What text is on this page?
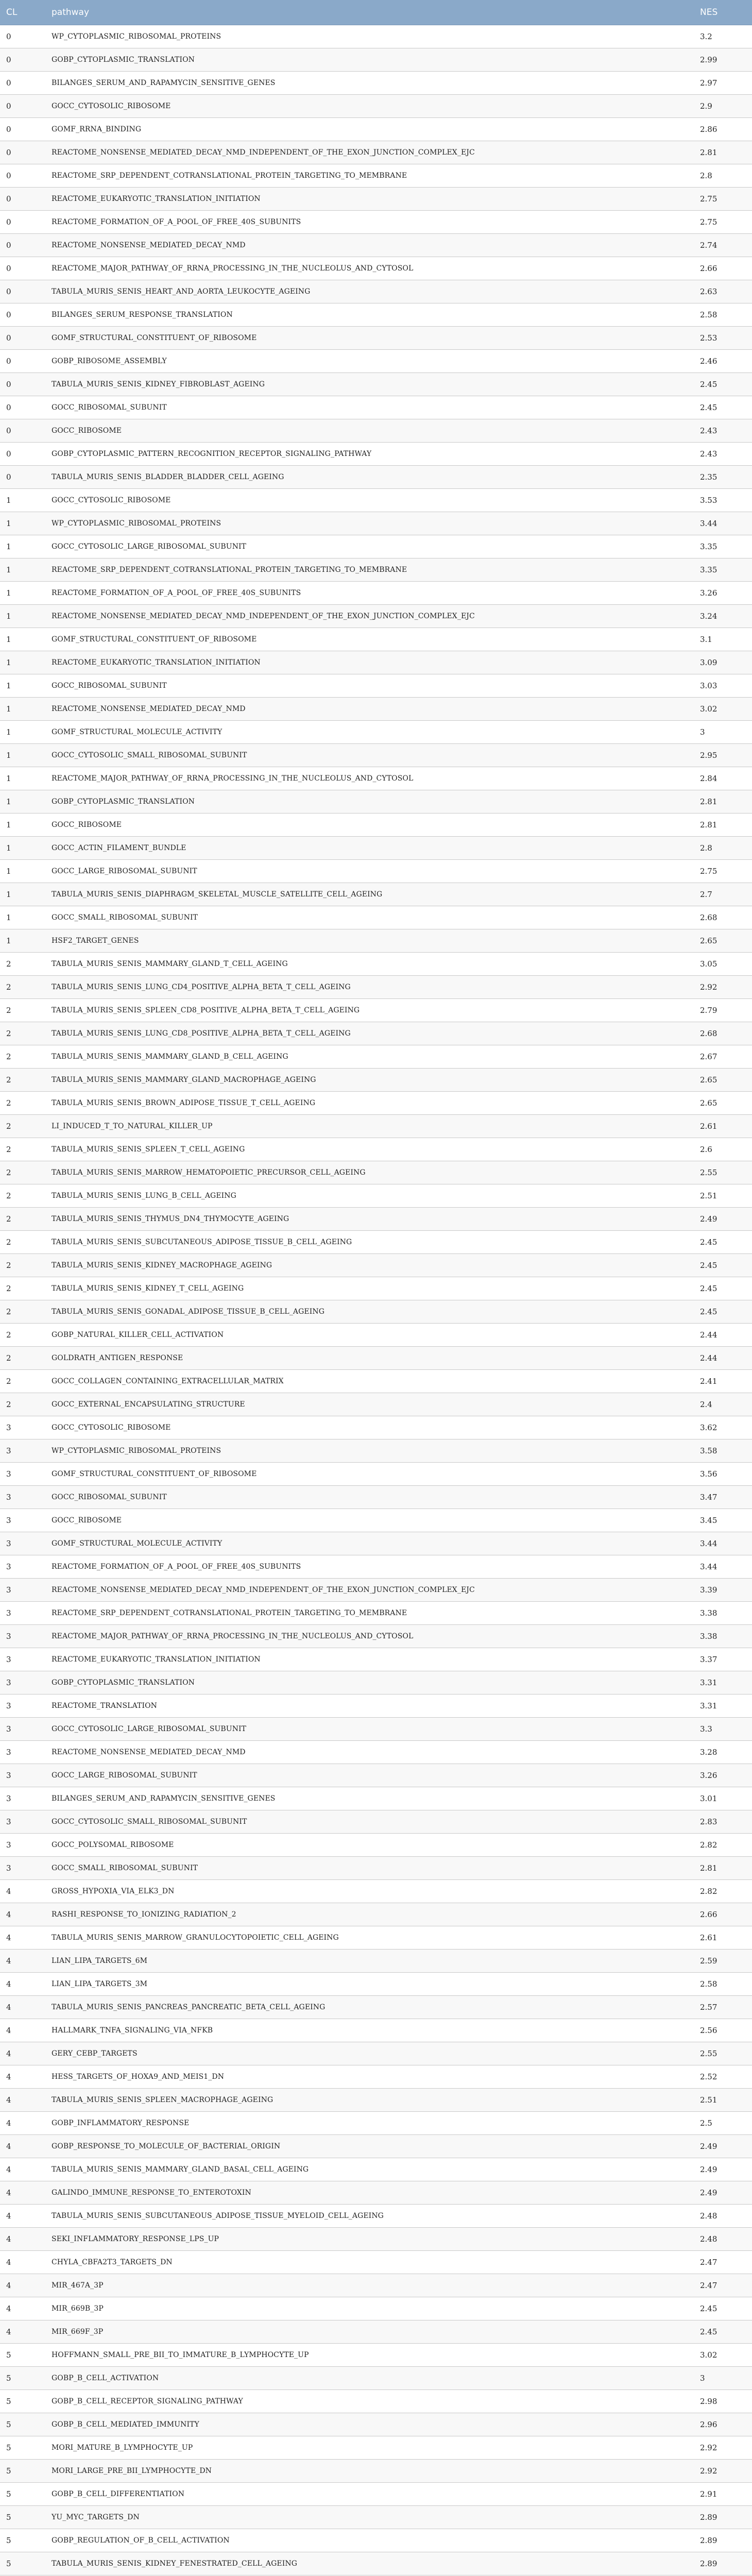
CL	pathway	NES
0	WP_CYTOPLASMIC_RIBOSOMAL_PROTEINS	3.2
0	GOBP_CYTOPLASMIC_TRANSLATION	2.99
0	BILANGES_SERUM_AND_RAPAMYCIN_SENSITIVE_GENES	2.97
0	GOCC_CYTOSOLIC_RIBOSOME	2.9
0	GOMF_RRNA_BINDING	2.86
0	REACTOME_NONSENSE_MEDIATED_DECAY_NMD_INDEPENDENT_OF_THE_EXON_JUNCTION_COMPLEX_EJC	2.81
0	REACTOME_SRP_DEPENDENT_COTRANSLATIONAL_PROTEIN_TARGETING_TO_MEMBRANE	2.8
0	REACTOME_EUKARYOTIC_TRANSLATION_INITIATION	2.75
0	REACTOME_FORMATION_OF_A_POOL_OF_FREE_40S_SUBUNITS	2.75
0	REACTOME_NONSENSE_MEDIATED_DECAY_NMD	2.74
0	REACTOME_MAJOR_PATHWAY_OF_RRNA_PROCESSING_IN_THE_NUCLEOLUS_AND_CYTOSOL	2.66
0	TABULA_MURIS_SENIS_HEART_AND_AORTA_LEUKOCYTE_AGEING	2.63
0	BILANGES_SERUM_RESPONSE_TRANSLATION	2.58
0	GOMF_STRUCTURAL_CONSTITUENT_OF_RIBOSOME	2.53
0	GOBP_RIBOSOME_ASSEMBLY	2.46
0	TABULA_MURIS_SENIS_KIDNEY_FIBROBLAST_AGEING	2.45
0	GOCC_RIBOSOMAL_SUBUNIT	2.45
0	GOCC_RIBOSOME	2.43
0	GOBP_CYTOPLASMIC_PATTERN_RECOGNITION_RECEPTOR_SIGNALING_PATHWAY	2.43
0	TABULA_MURIS_SENIS_BLADDER_BLADDER_CELL_AGEING	2.35
1	GOCC_CYTOSOLIC_RIBOSOME	3.53
1	WP_CYTOPLASMIC_RIBOSOMAL_PROTEINS	3.44
1	GOCC_CYTOSOLIC_LARGE_RIBOSOMAL_SUBUNIT	3.35
1	REACTOME_SRP_DEPENDENT_COTRANSLATIONAL_PROTEIN_TARGETING_TO_MEMBRANE	3.35
1	REACTOME_FORMATION_OF_A_POOL_OF_FREE_40S_SUBUNITS	3.26
1	REACTOME_NONSENSE_MEDIATED_DECAY_NMD_INDEPENDENT_OF_THE_EXON_JUNCTION_COMPLEX_EJC	3.24
1	GOMF_STRUCTURAL_CONSTITUENT_OF_RIBOSOME	3.1
1	REACTOME_EUKARYOTIC_TRANSLATION_INITIATION	3.09
1	GOCC_RIBOSOMAL_SUBUNIT	3.03
1	REACTOME_NONSENSE_MEDIATED_DECAY_NMD	3.02
1	GOMF_STRUCTURAL_MOLECULE_ACTIVITY	3
1	GOCC_CYTOSOLIC_SMALL_RIBOSOMAL_SUBUNIT	2.95
1	REACTOME_MAJOR_PATHWAY_OF_RRNA_PROCESSING_IN_THE_NUCLEOLUS_AND_CYTOSOL	2.84
1	GOBP_CYTOPLASMIC_TRANSLATION	2.81
1	GOCC_RIBOSOME	2.81
1	GOCC_ACTIN_FILAMENT_BUNDLE	2.8
1	GOCC_LARGE_RIBOSOMAL_SUBUNIT	2.75
1	TABULA_MURIS_SENIS_DIAPHRAGM_SKELETAL_MUSCLE_SATELLITE_CELL_AGEING	2.7
1	GOCC_SMALL_RIBOSOMAL_SUBUNIT	2.68
1	HSF2_TARGET_GENES	2.65
2	TABULA_MURIS_SENIS_MAMMARY_GLAND_T_CELL_AGEING	3.05
2	TABULA_MURIS_SENIS_LUNG_CD4_POSITIVE_ALPHA_BETA_T_CELL_AGEING	2.92
2	TABULA_MURIS_SENIS_SPLEEN_CD8_POSITIVE_ALPHA_BETA_T_CELL_AGEING	2.79
2	TABULA_MURIS_SENIS_LUNG_CD8_POSITIVE_ALPHA_BETA_T_CELL_AGEING	2.68
2	TABULA_MURIS_SENIS_MAMMARY_GLAND_B_CELL_AGEING	2.67
2	TABULA_MURIS_SENIS_MAMMARY_GLAND_MACROPHAGE_AGEING	2.65
2	TABULA_MURIS_SENIS_BROWN_ADIPOSE_TISSUE_T_CELL_AGEING	2.65
2	LI_INDUCED_T_TO_NATURAL_KILLER_UP	2.61
2	TABULA_MURIS_SENIS_SPLEEN_T_CELL_AGEING	2.6
2	TABULA_MURIS_SENIS_MARROW_HEMATOPOIETIC_PRECURSOR_CELL_AGEING	2.55
2	TABULA_MURIS_SENIS_LUNG_B_CELL_AGEING	2.51
2	TABULA_MURIS_SENIS_THYMUS_DN4_THYMOCYTE_AGEING	2.49
2	TABULA_MURIS_SENIS_SUBCUTANEOUS_ADIPOSE_TISSUE_B_CELL_AGEING	2.45
2	TABULA_MURIS_SENIS_KIDNEY_MACROPHAGE_AGEING	2.45
2	TABULA_MURIS_SENIS_KIDNEY_T_CELL_AGEING	2.45
2	TABULA_MURIS_SENIS_GONADAL_ADIPOSE_TISSUE_B_CELL_AGEING	2.45
2	GOBP_NATURAL_KILLER_CELL_ACTIVATION	2.44
2	GOLDRATH_ANTIGEN_RESPONSE	2.44
2	GOCC_COLLAGEN_CONTAINING_EXTRACELLULAR_MATRIX	2.41
2	GOCC_EXTERNAL_ENCAPSULATING_STRUCTURE	2.4
3	GOCC_CYTOSOLIC_RIBOSOME	3.62
3	WP_CYTOPLASMIC_RIBOSOMAL_PROTEINS	3.58
3	GOMF_STRUCTURAL_CONSTITUENT_OF_RIBOSOME	3.56
3	GOCC_RIBOSOMAL_SUBUNIT	3.47
3	GOCC_RIBOSOME	3.45
3	GOMF_STRUCTURAL_MOLECULE_ACTIVITY	3.44
3	REACTOME_FORMATION_OF_A_POOL_OF_FREE_40S_SUBUNITS	3.44
3	REACTOME_NONSENSE_MEDIATED_DECAY_NMD_INDEPENDENT_OF_THE_EXON_JUNCTION_COMPLEX_EJC	3.39
3	REACTOME_SRP_DEPENDENT_COTRANSLATIONAL_PROTEIN_TARGETING_TO_MEMBRANE	3.38
3	REACTOME_MAJOR_PATHWAY_OF_RRNA_PROCESSING_IN_THE_NUCLEOLUS_AND_CYTOSOL	3.38
3	REACTOME_EUKARYOTIC_TRANSLATION_INITIATION	3.37
3	GOBP_CYTOPLASMIC_TRANSLATION	3.31
3	REACTOME_TRANSLATION	3.31
3	GOCC_CYTOSOLIC_LARGE_RIBOSOMAL_SUBUNIT	3.3
3	REACTOME_NONSENSE_MEDIATED_DECAY_NMD	3.28
3	GOCC_LARGE_RIBOSOMAL_SUBUNIT	3.26
3	BILANGES_SERUM_AND_RAPAMYCIN_SENSITIVE_GENES	3.01
3	GOCC_CYTOSOLIC_SMALL_RIBOSOMAL_SUBUNIT	2.83
3	GOCC_POLYSOMAL_RIBOSOME	2.82
3	GOCC_SMALL_RIBOSOMAL_SUBUNIT	2.81
4	GROSS_HYPOXIA_VIA_ELK3_DN	2.82
4	RASHI_RESPONSE_TO_IONIZING_RADIATION_2	2.66
4	TABULA_MURIS_SENIS_MARROW_GRANULOCYTOPOIETIC_CELL_AGEING	2.61
4	LIAN_LIPA_TARGETS_6M	2.59
4	LIAN_LIPA_TARGETS_3M	2.58
4	TABULA_MURIS_SENIS_PANCREAS_PANCREATIC_BETA_CELL_AGEING	2.57
4	HALLMARK_TNFA_SIGNALING_VIA_NFKB	2.56
4	GERY_CEBP_TARGETS	2.55
4	HESS_TARGETS_OF_HOXA9_AND_MEIS1_DN	2.52
4	TABULA_MURIS_SENIS_SPLEEN_MACROPHAGE_AGEING	2.51
4	GOBP_INFLAMMATORY_RESPONSE	2.5
4	GOBP_RESPONSE_TO_MOLECULE_OF_BACTERIAL_ORIGIN	2.49
4	TABULA_MURIS_SENIS_MAMMARY_GLAND_BASAL_CELL_AGEING	2.49
4	GALINDO_IMMUNE_RESPONSE_TO_ENTEROTOXIN	2.49
4	TABULA_MURIS_SENIS_SUBCUTANEOUS_ADIPOSE_TISSUE_MYELOID_CELL_AGEING	2.48
4	SEKI_INFLAMMATORY_RESPONSE_LPS_UP	2.48
4	CHYLA_CBFA2T3_TARGETS_DN	2.47
4	MIR_467A_3P	2.47
4	MIR_669B_3P	2.45
4	MIR_669F_3P	2.45
5	HOFFMANN_SMALL_PRE_BII_TO_IMMATURE_B_LYMPHOCYTE_UP	3.02
5	GOBP_B_CELL_ACTIVATION	3
5	GOBP_B_CELL_RECEPTOR_SIGNALING_PATHWAY	2.98
5	GOBP_B_CELL_MEDIATED_IMMUNITY	2.96
5	MORI_MATURE_B_LYMPHOCYTE_UP	2.92
5	MORI_LARGE_PRE_BII_LYMPHOCYTE_DN	2.92
5	GOBP_B_CELL_DIFFERENTIATION	2.91
5	YU_MYC_TARGETS_DN	2.89
5	GOBP_REGULATION_OF_B_CELL_ACTIVATION	2.89
5	TABULA_MURIS_SENIS_KIDNEY_FENESTRATED_CELL_AGEING	2.89
